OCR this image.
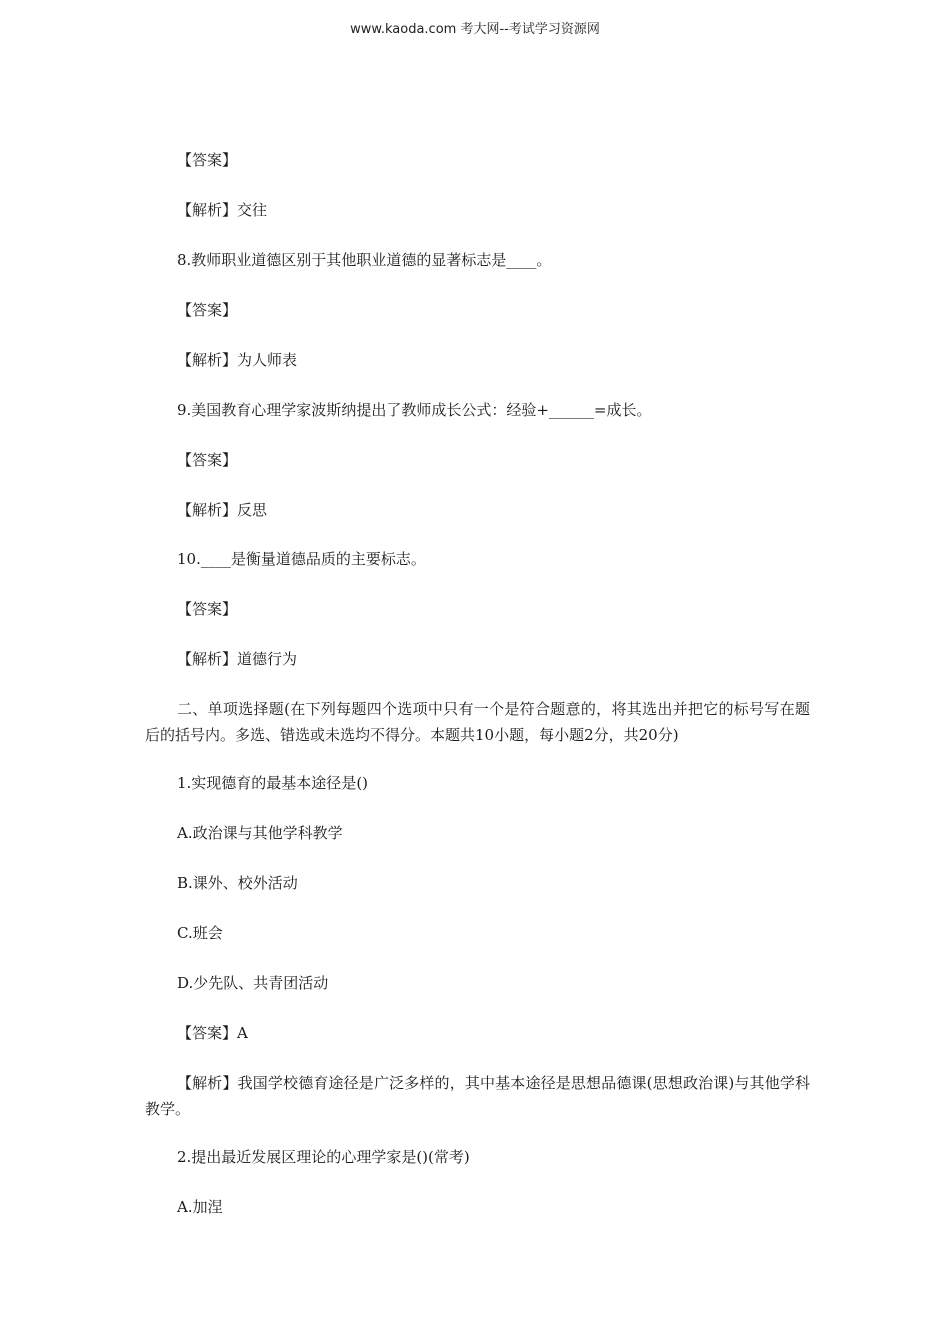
www.kaoda.com 考大网--考试学习资源网
【答案】
【解析】交往
8.教师职业道德区别于其他职业道德的显著标志是____。
【答案】
【解析】为人师表
9.美国教育心理学家波斯纳提出了教师成长公式：经验+______=成长。
【答案】
【解析】反思
10.____是衡量道德品质的主要标志。
【答案】
【解析】道德行为
二、单项选择题(在下列每题四个选项中只有一个是符合题意的，将其选出并把它的标号写在题后的括号内。多选、错选或未选均不得分。本题共10小题，每小题2分，共20分)
1.实现德育的最基本途径是()
A.政治课与其他学科教学
B.课外、校外活动
C.班会
D.少先队、共青团活动
【答案】A
【解析】我国学校德育途径是广泛多样的，其中基本途径是思想品德课(思想政治课)与其他学科教学。
2.提出最近发展区理论的心理学家是()(常考)
A.加涅
